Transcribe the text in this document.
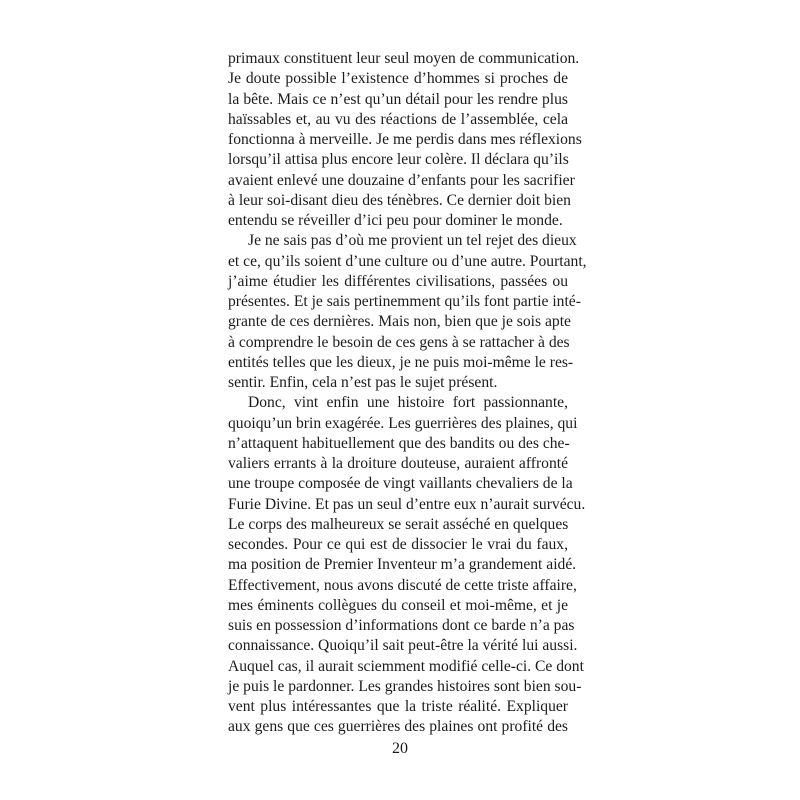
primaux constituent leur seul moyen de communication.
Je doute possible l’existence d’hommes si proches de
la bête. Mais ce n’est qu’un détail pour les rendre plus
haïssables et, au vu des réactions de l’assemblée, cela
fonctionna à merveille. Je me perdis dans mes réflexions
lorsqu’il attisa plus encore leur colère. Il déclara qu’ils
avaient enlevé une douzaine d’enfants pour les sacrifier
à leur soi-disant dieu des ténèbres. Ce dernier doit bien
entendu se réveiller d’ici peu pour dominer le monde.
Je ne sais pas d’où me provient un tel rejet des dieux
et ce, qu’ils soient d’une culture ou d’une autre. Pourtant,
j’aime étudier les différentes civilisations, passées ou
présentes. Et je sais pertinemment qu’ils font partie inté-
grante de ces dernières. Mais non, bien que je sois apte
à comprendre le besoin de ces gens à se rattacher à des
entités telles que les dieux, je ne puis moi-même le res-
sentir. Enfin, cela n’est pas le sujet présent.
Donc, vint enfin une histoire fort passionnante,
quoiqu’un brin exagérée. Les guerrières des plaines, qui
n’attaquent habituellement que des bandits ou des che-
valiers errants à la droiture douteuse, auraient affronté
une troupe composée de vingt vaillants chevaliers de la
Furie Divine. Et pas un seul d’entre eux n’aurait survécu.
Le corps des malheureux se serait asséché en quelques
secondes. Pour ce qui est de dissocier le vrai du faux,
ma position de Premier Inventeur m’a grandement aidé.
Effectivement, nous avons discuté de cette triste affaire,
mes éminents collègues du conseil et moi-même, et je
suis en possession d’informations dont ce barde n’a pas
connaissance. Quoiqu’il sait peut-être la vérité lui aussi.
Auquel cas, il aurait sciemment modifié celle-ci. Ce dont
je puis le pardonner. Les grandes histoires sont bien sou-
vent plus intéressantes que la triste réalité. Expliquer
aux gens que ces guerrières des plaines ont profité des
20
